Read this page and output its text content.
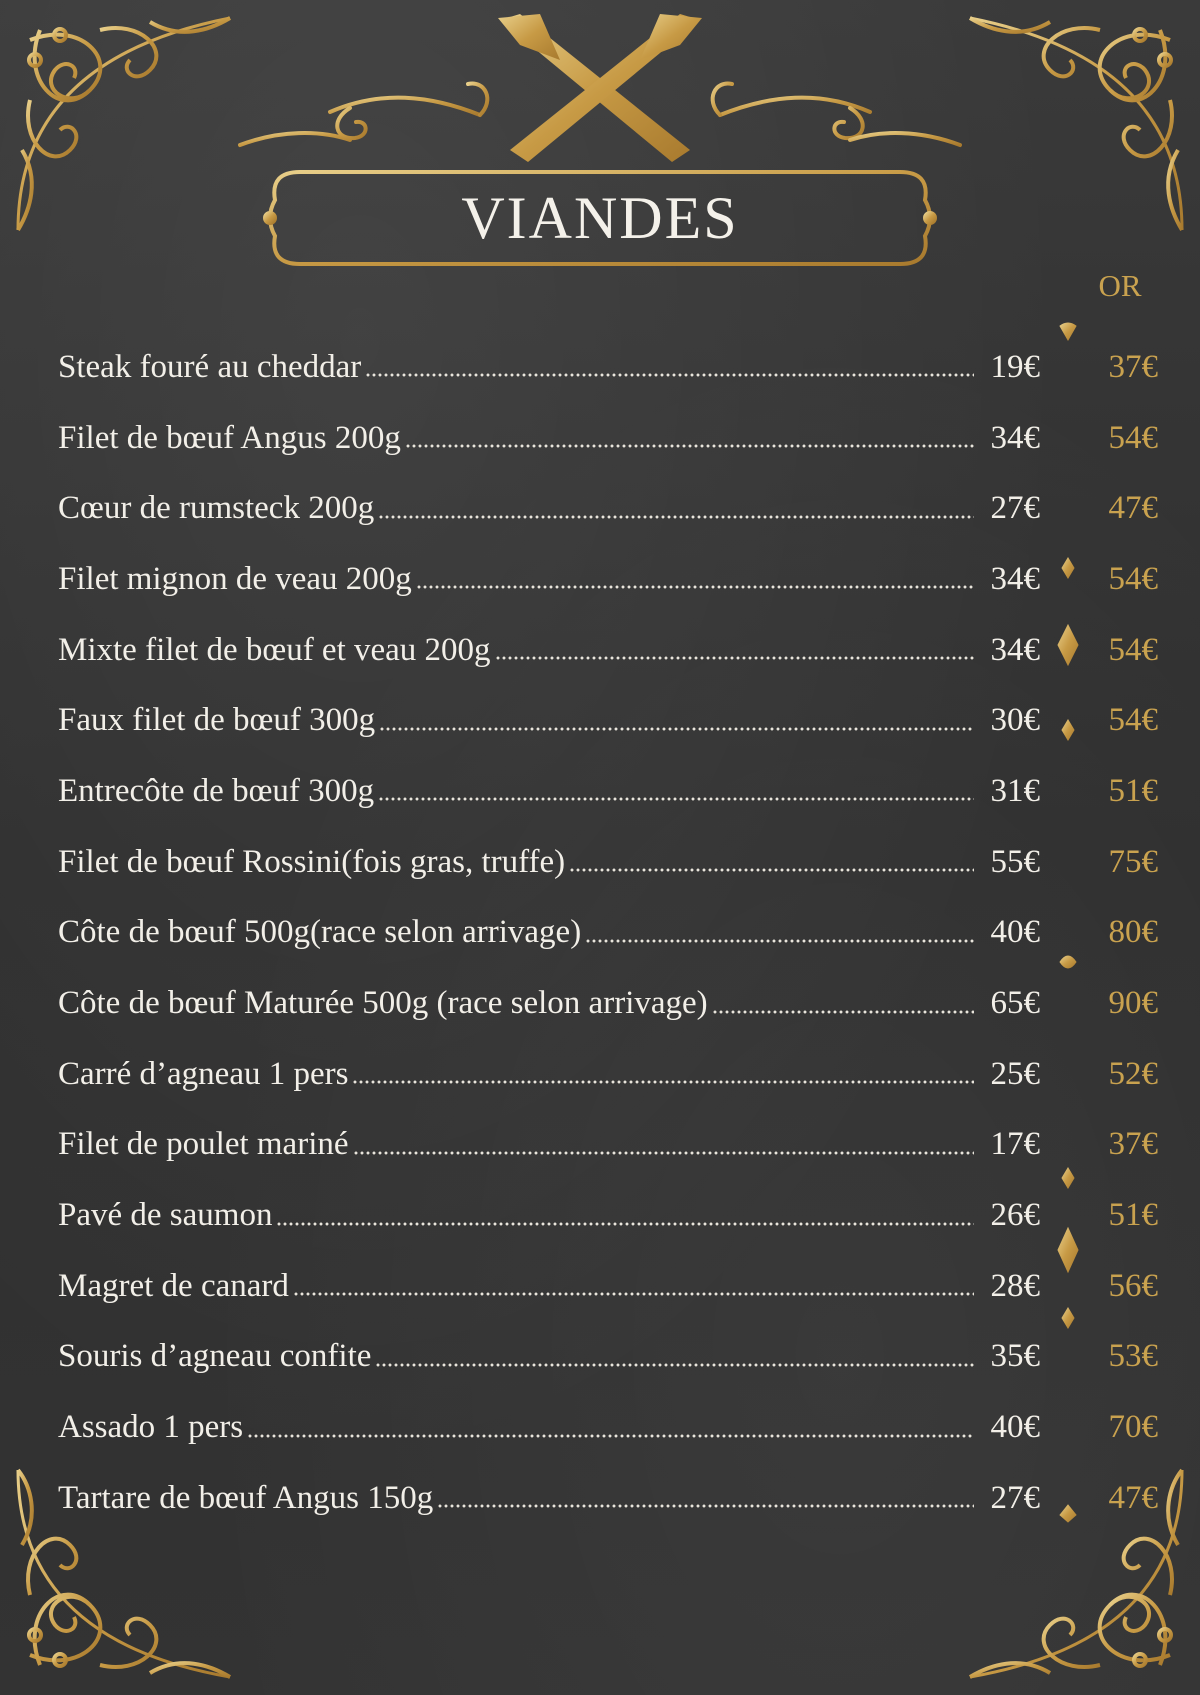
VIANDES
OR
Steak fouré au cheddar	19€	37€
Filet de bœuf Angus 200g	34€	54€
Cœur de rumsteck 200g	27€	47€
Filet mignon de veau 200g	34€	54€
Mixte filet de bœuf et veau 200g	34€	54€
Faux filet de bœuf 300g	30€	54€
Entrecôte de bœuf 300g	31€	51€
Filet de bœuf Rossini(fois gras, truffe)	55€	75€
Côte de bœuf 500g(race selon arrivage)	40€	80€
Côte de bœuf Maturée 500g (race selon arrivage)	65€	90€
Carré d’agneau 1 pers	25€	52€
Filet de poulet mariné	17€	37€
Pavé de saumon	26€	51€
Magret de canard	28€	56€
Souris d’agneau confite	35€	53€
Assado 1 pers	40€	70€
Tartare de bœuf Angus 150g	27€	47€
